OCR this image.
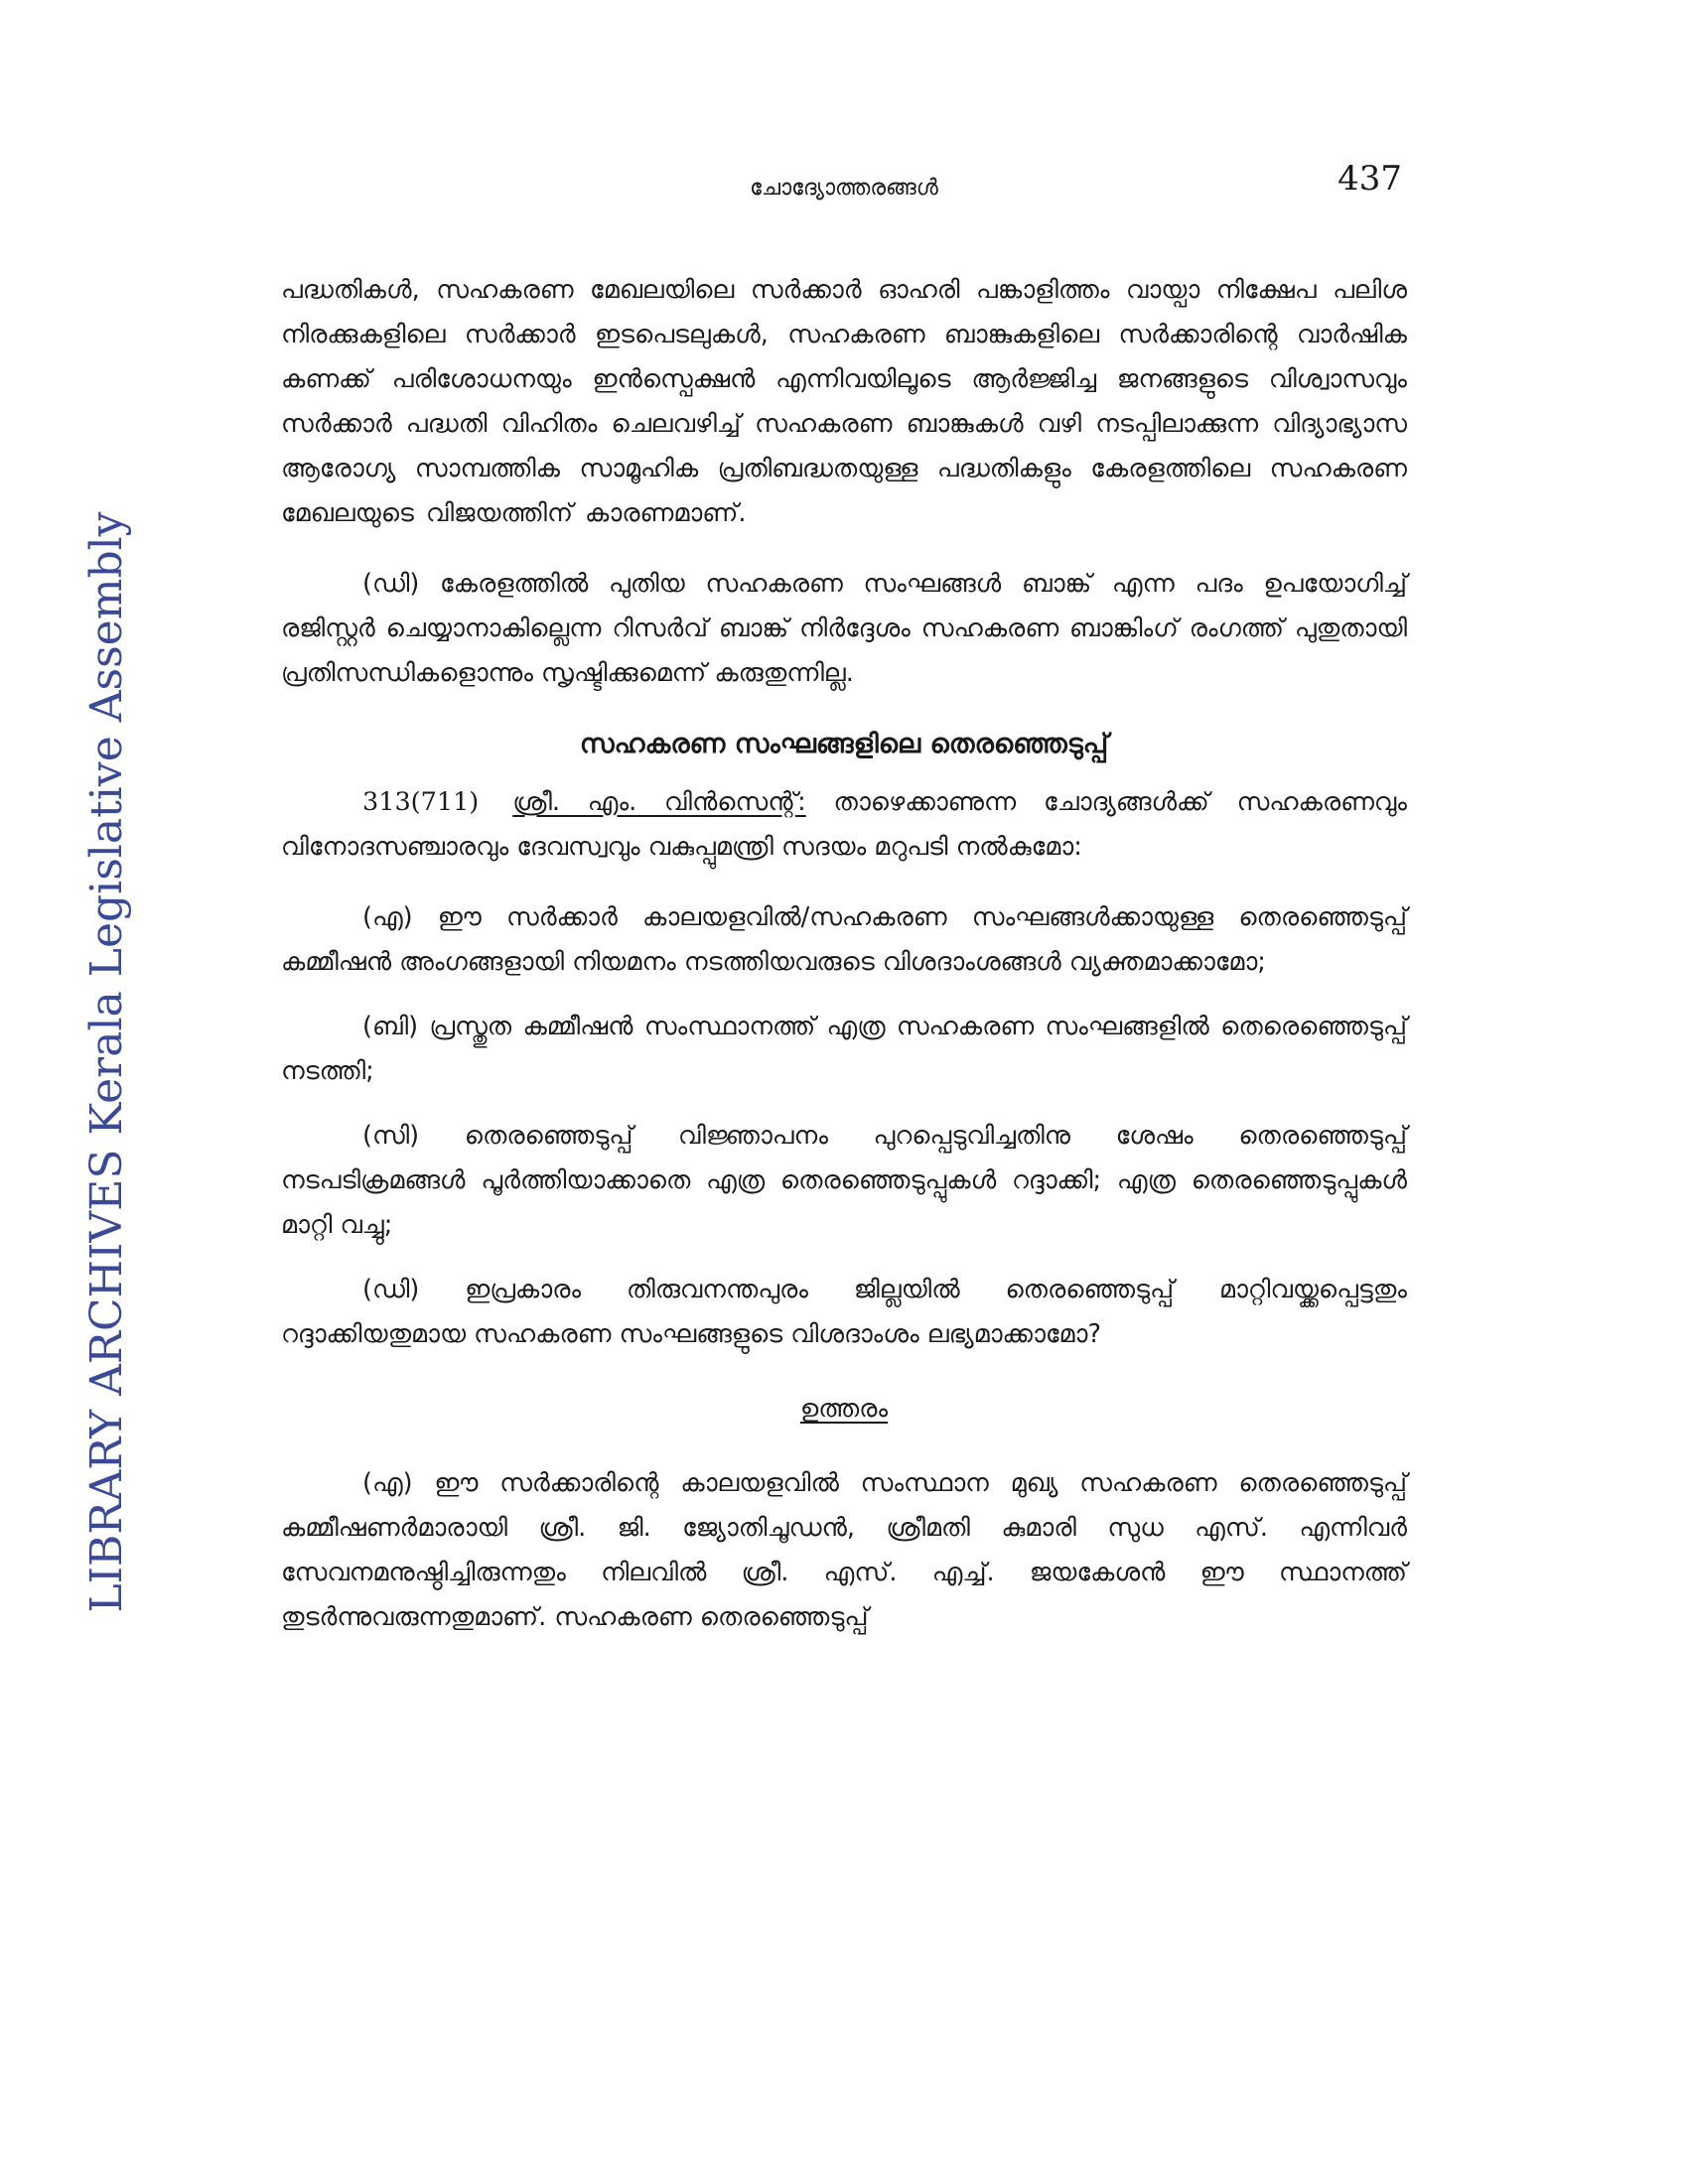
LIBRARY ARCHIVES Kerala Legislative Assembly
ചോദ്യോത്തരങ്ങൾ	437

പദ്ധതികൾ, സഹകരണ മേഖലയിലെ സർക്കാർ ഓഹരി പങ്കാളിത്തം വായ്പാ നിക്ഷേപ പലിശ നിരക്കുകളിലെ സർക്കാർ ഇടപെടലുകൾ, സഹകരണ ബാങ്കുകളിലെ സർക്കാരിന്റെ വാർഷിക കണക്ക് പരിശോധനയും ഇൻസ്പെക്ഷൻ എന്നിവയിലൂടെ ആർജ്ജിച്ച ജനങ്ങളുടെ വിശ്വാസവും സർക്കാർ പദ്ധതി വിഹിതം ചെലവഴിച്ച് സഹകരണ ബാങ്കുകൾ വഴി നടപ്പിലാക്കുന്ന വിദ്യാഭ്യാസ ആരോഗ്യ സാമ്പത്തിക സാമൂഹിക പ്രതിബദ്ധതയുള്ള പദ്ധതികളും കേരളത്തിലെ സഹകരണ മേഖലയുടെ വിജയത്തിന് കാരണമാണ്.

(ഡി) കേരളത്തിൽ പുതിയ സഹകരണ സംഘങ്ങൾ ബാങ്ക് എന്ന പദം ഉപയോഗിച്ച് രജിസ്റ്റർ ചെയ്യാനാകില്ലെന്ന റിസർവ് ബാങ്ക് നിർദ്ദേശം സഹകരണ ബാങ്കിംഗ് രംഗത്ത് പുതുതായി പ്രതിസന്ധികളൊന്നും സൃഷ്ടിക്കുമെന്ന് കരുതുന്നില്ല.

സഹകരണ സംഘങ്ങളിലെ തെരഞ്ഞെടുപ്പ്

313(711) ശ്രീ. എം. വിൻസെന്റ്: താഴെക്കാണുന്ന ചോദ്യങ്ങൾക്ക് സഹകരണവും വിനോദസഞ്ചാരവും ദേവസ്വവും വകുപ്പുമന്ത്രി സദയം മറുപടി നൽകുമോ:

(എ) ഈ സർക്കാർ കാലയളവിൽ/സഹകരണ സംഘങ്ങൾക്കായുള്ള തെരഞ്ഞെടുപ്പ് കമ്മീഷൻ അംഗങ്ങളായി നിയമനം നടത്തിയവരുടെ വിശദാംശങ്ങൾ വ്യക്തമാക്കാമോ;

(ബി) പ്രസ്തുത കമ്മീഷൻ സംസ്ഥാനത്ത് എത്ര സഹകരണ സംഘങ്ങളിൽ തെരെഞ്ഞെടുപ്പ് നടത്തി;

(സി) തെരഞ്ഞെടുപ്പ് വിജ്ഞാപനം പുറപ്പെടുവിച്ചതിനു ശേഷം തെരഞ്ഞെടുപ്പ് നടപടിക്രമങ്ങൾ പൂർത്തിയാക്കാതെ എത്ര തെരഞ്ഞെടുപ്പുകൾ റദ്ദാക്കി; എത്ര തെരഞ്ഞെടുപ്പുകൾ മാറ്റി വച്ചു;

(ഡി) ഇപ്രകാരം തിരുവനന്തപുരം ജില്ലയിൽ തെരഞ്ഞെടുപ്പ് മാറ്റിവയ്ക്കപ്പെട്ടതും റദ്ദാക്കിയതുമായ സഹകരണ സംഘങ്ങളുടെ വിശദാംശം ലഭ്യമാക്കാമോ?

ഉത്തരം

(എ) ഈ സർക്കാരിന്റെ കാലയളവിൽ സംസ്ഥാന മുഖ്യ സഹകരണ തെരഞ്ഞെടുപ്പ് കമ്മീഷണർമാരായി ശ്രീ. ജി. ജ്യോതിചൂഡൻ, ശ്രീമതി കുമാരി സുധ എസ്. എന്നിവർ സേവനമനുഷ്ഠിച്ചിരുന്നതും നിലവിൽ ശ്രീ. എസ്. എച്ച്. ജയകേശൻ ഈ സ്ഥാനത്ത് തുടർന്നുവരുന്നതുമാണ്. സഹകരണ തെരഞ്ഞെടുപ്പ്
